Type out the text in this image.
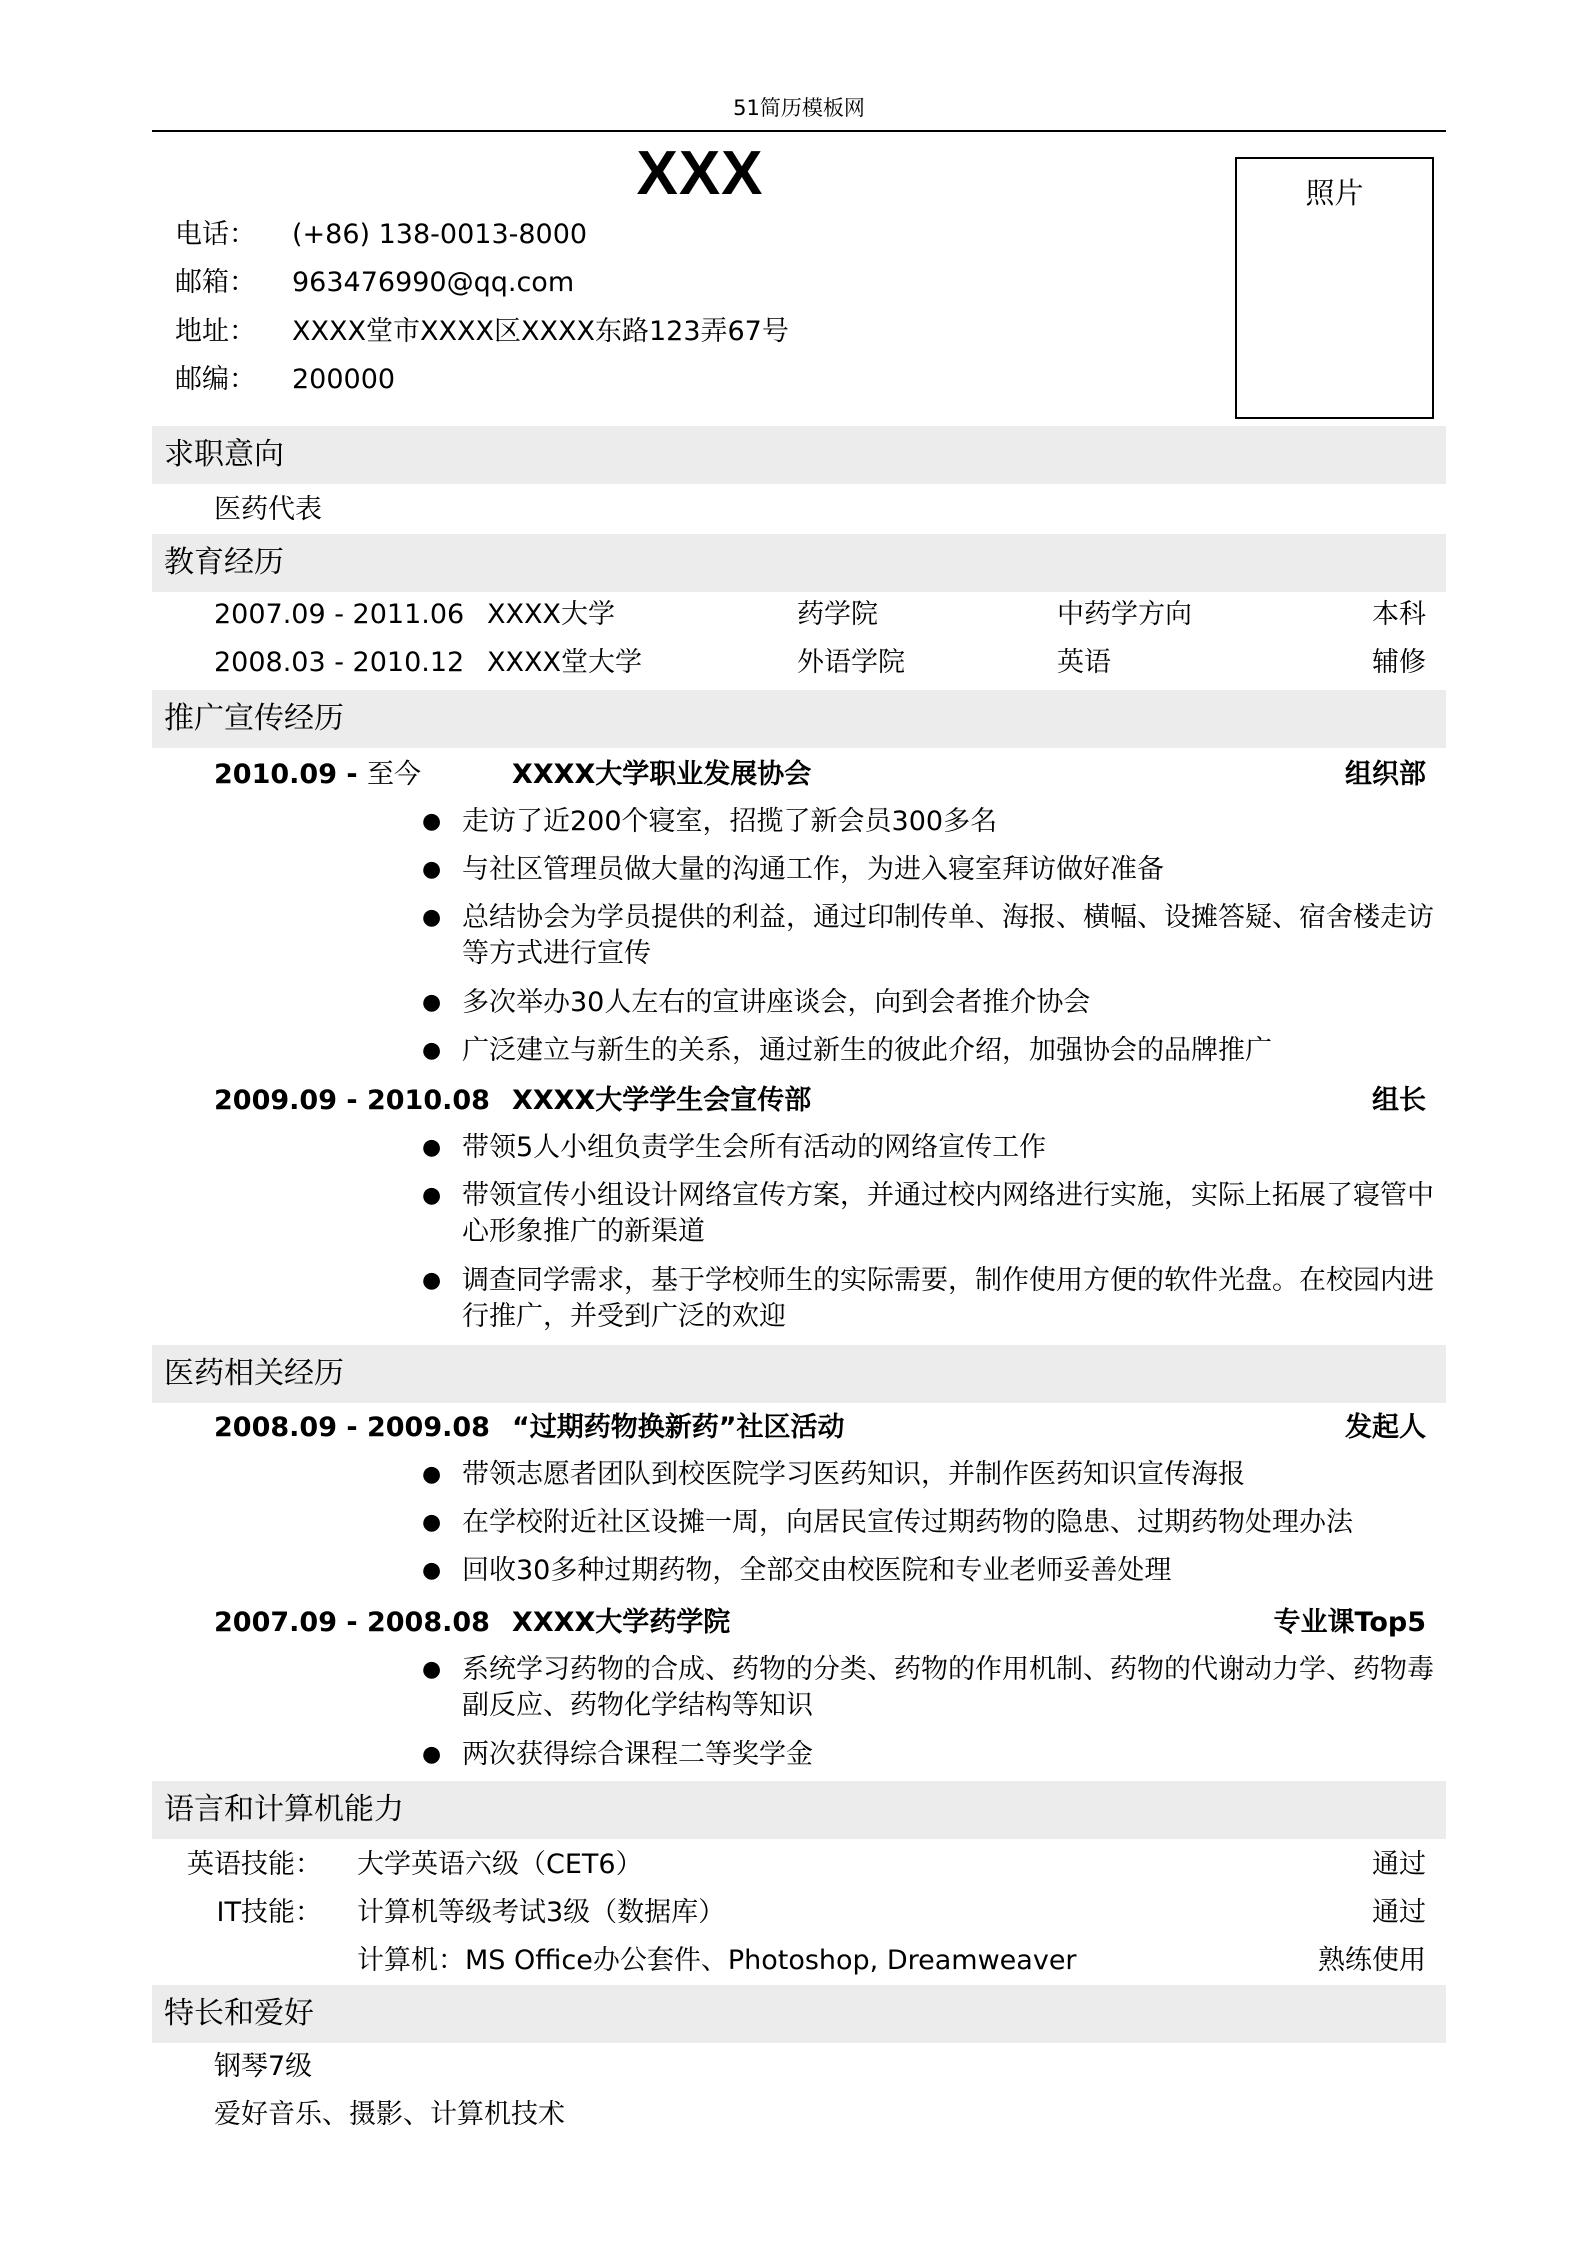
51简历模板网
XXX	照片
电话： (+86) 138-0013-8000
邮箱： 963476990@qq.com
地址： XXXX堂市XXXX区XXXX东路123弄67号
邮编： 200000
求职意向
医药代表
教育经历
2007.09 - 2011.06 XXXX大学	药学院	中药学方向	本科
2008.03 - 2010.12 XXXX堂大学	外语学院	英语	辅修
推广宣传经历
2010.09 - 至今	XXXX大学职业发展协会	组织部
● 走访了近200个寝室，招揽了新会员300多名
● 与社区管理员做大量的沟通工作，为进入寝室拜访做好准备
● 总结协会为学员提供的利益，通过印制传单、海报、横幅、设摊答疑、宿舍楼走访等方式进行宣传
● 多次举办30人左右的宣讲座谈会，向到会者推介协会
● 广泛建立与新生的关系，通过新生的彼此介绍，加强协会的品牌推广
2009.09 - 2010.08 XXXX大学学生会宣传部	组长
● 带领5人小组负责学生会所有活动的网络宣传工作
● 带领宣传小组设计网络宣传方案，并通过校内网络进行实施，实际上拓展了寝管中心形象推广的新渠道
● 调查同学需求，基于学校师生的实际需要，制作使用方便的软件光盘。在校园内进行推广，并受到广泛的欢迎
医药相关经历
2008.09 - 2009.08 “过期药物换新药”社区活动	发起人
● 带领志愿者团队到校医院学习医药知识，并制作医药知识宣传海报
● 在学校附近社区设摊一周，向居民宣传过期药物的隐患、过期药物处理办法
● 回收30多种过期药物，全部交由校医院和专业老师妥善处理
2007.09 - 2008.08 XXXX大学药学院	专业课Top5
● 系统学习药物的合成、药物的分类、药物的作用机制、药物的代谢动力学、药物毒副反应、药物化学结构等知识
● 两次获得综合课程二等奖学金
语言和计算机能力
英语技能： 大学英语六级（CET6）	通过
IT技能： 计算机等级考试3级（数据库）	通过
计算机：MS Office办公套件、Photoshop, Dreamweaver	熟练使用
特长和爱好
钢琴7级
爱好音乐、摄影、计算机技术
